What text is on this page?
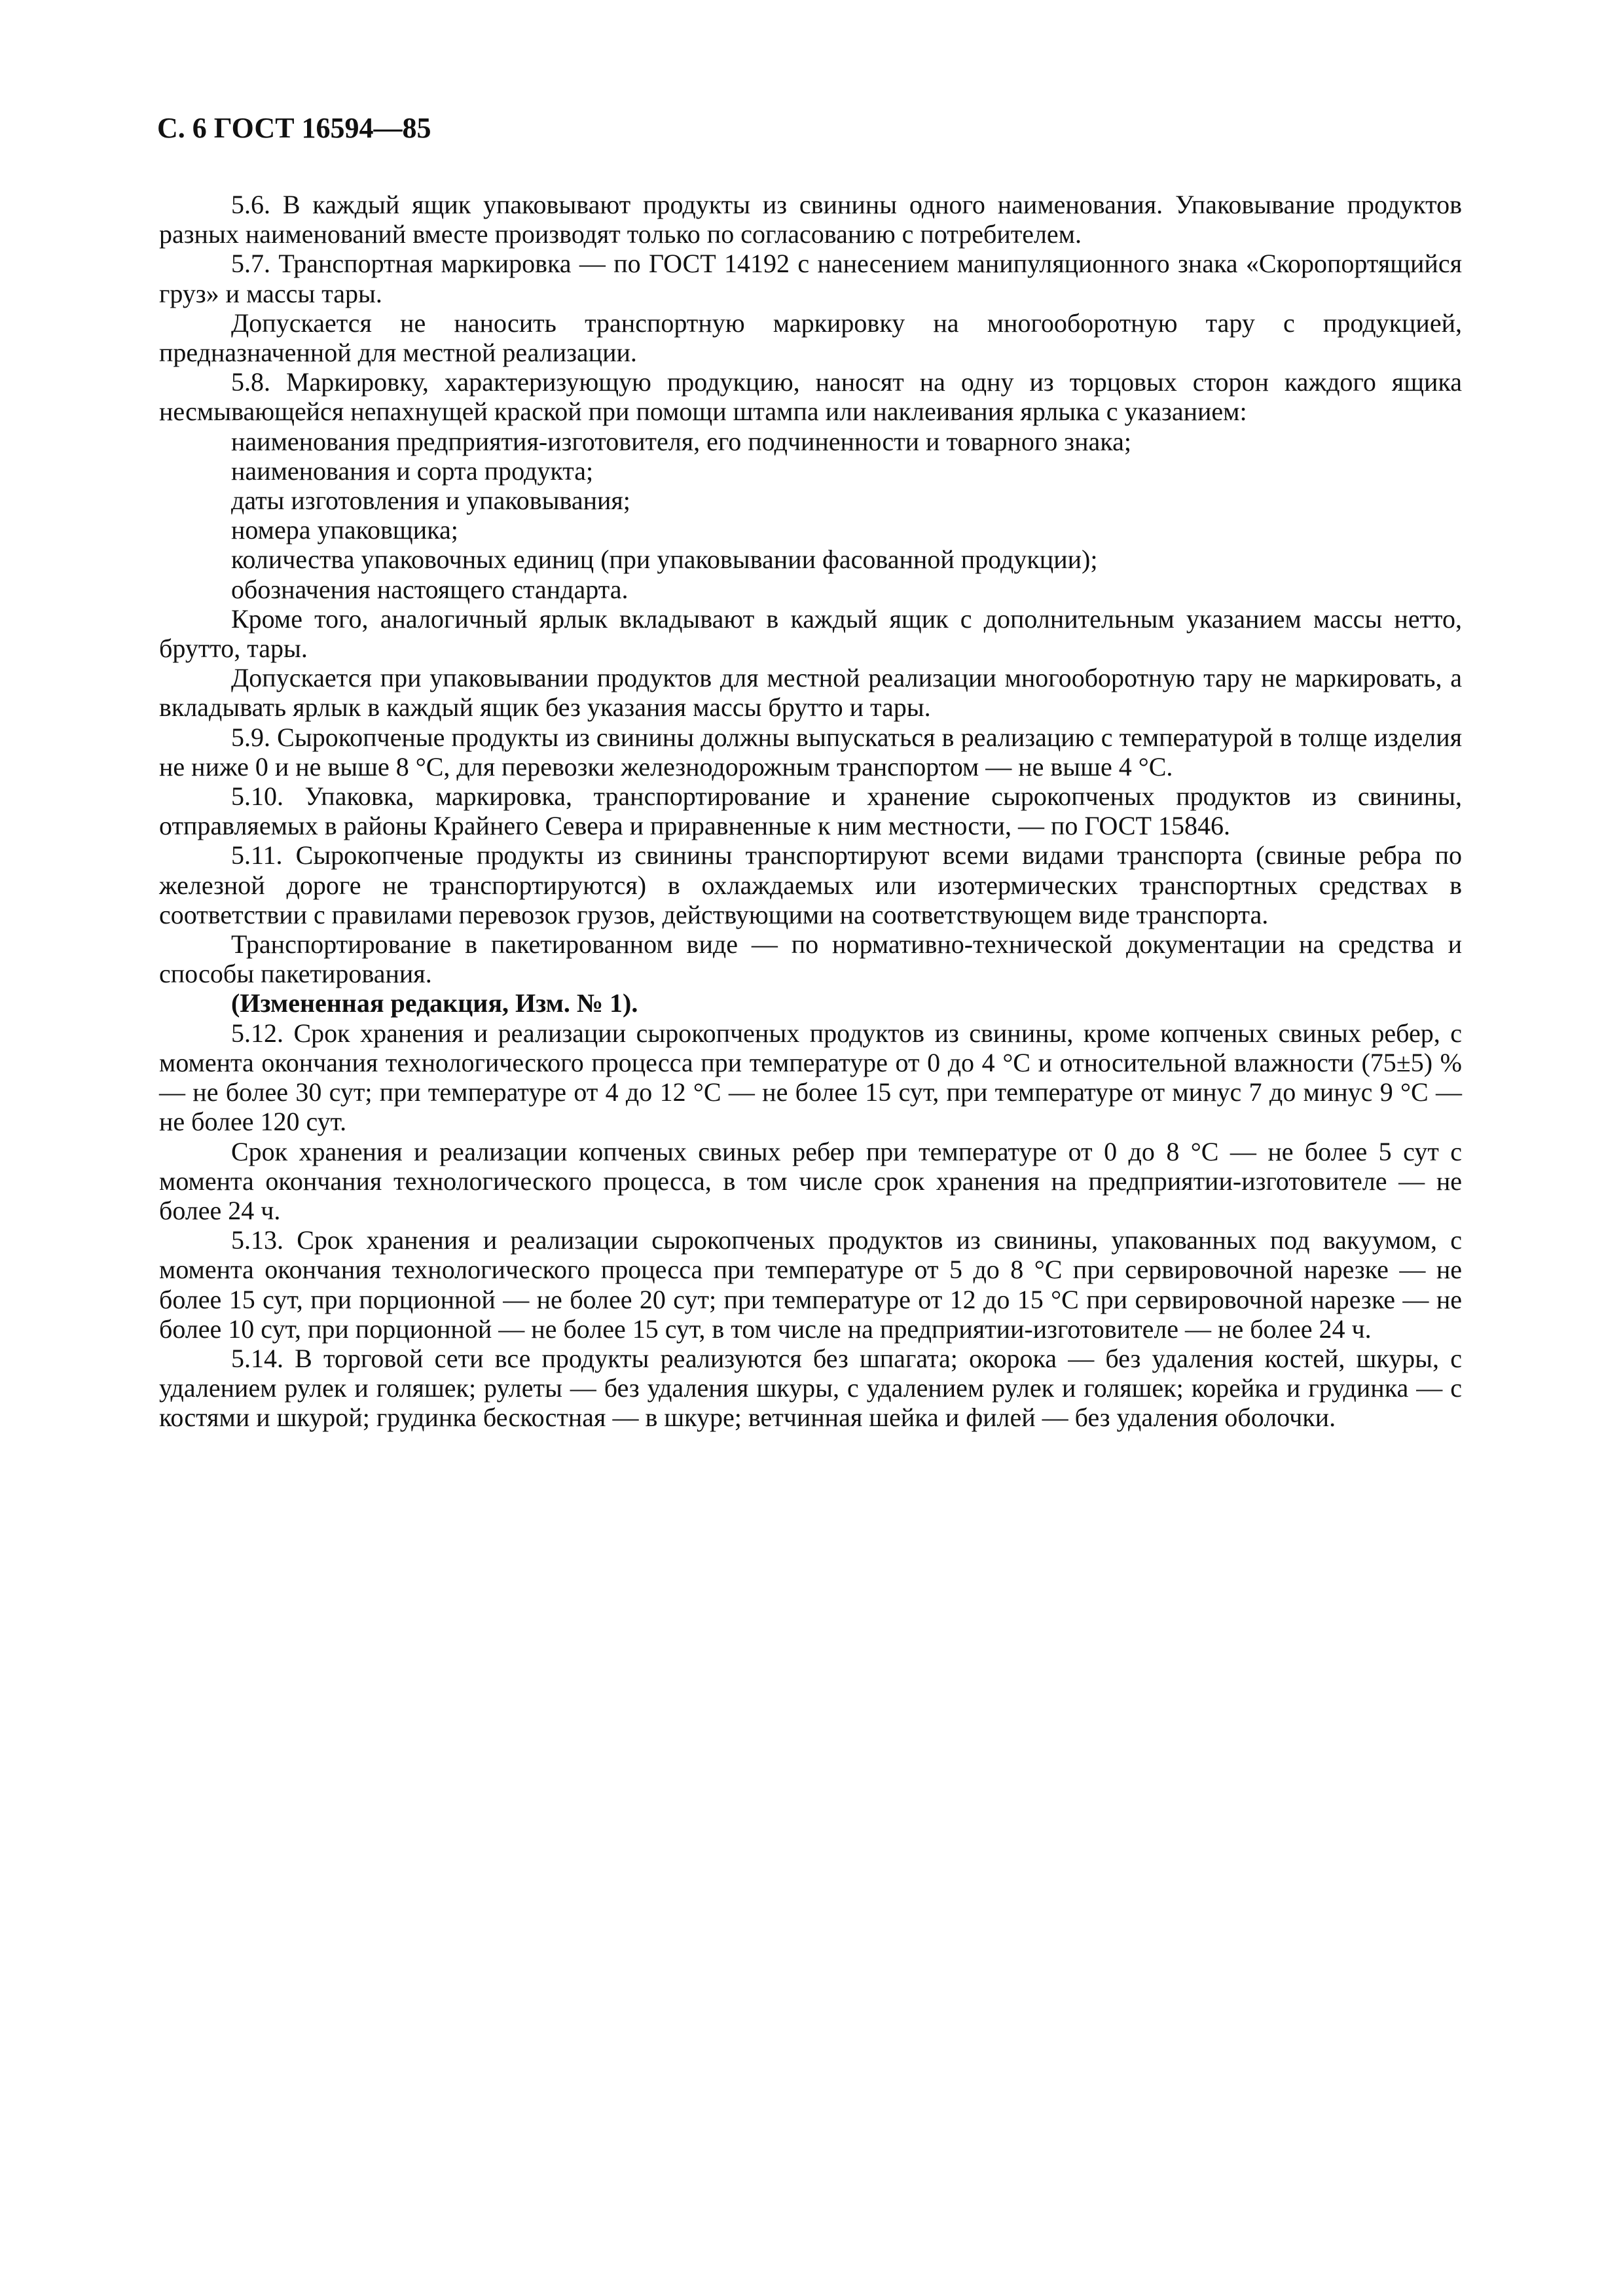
С. 6 ГОСТ 16594—85

5.6. В каждый ящик упаковывают продукты из свинины одного наименования. Упаковывание продуктов разных наименований вместе производят только по согласованию с потребителем.

5.7. Транспортная маркировка — по ГОСТ 14192 с нанесением манипуляционного знака «Скоропортящийся груз» и массы тары.

Допускается не наносить транспортную маркировку на многооборотную тару с продукцией, предназначенной для местной реализации.

5.8. Маркировку, характеризующую продукцию, наносят на одну из торцовых сторон каждого ящика несмывающейся непахнущей краской при помощи штампа или наклеивания ярлыка с указанием:

наименования предприятия-изготовителя, его подчиненности и товарного знака;

наименования и сорта продукта;

даты изготовления и упаковывания;

номера упаковщика;

количества упаковочных единиц (при упаковывании фасованной продукции);

обозначения настоящего стандарта.

Кроме того, аналогичный ярлык вкладывают в каждый ящик с дополнительным указанием массы нетто, брутто, тары.

Допускается при упаковывании продуктов для местной реализации многооборотную тару не маркировать, а вкладывать ярлык в каждый ящик без указания массы брутто и тары.

5.9. Сырокопченые продукты из свинины должны выпускаться в реализацию с температурой в толще изделия не ниже 0 и не выше 8 °С, для перевозки железнодорожным транспортом — не выше 4 °С.

5.10. Упаковка, маркировка, транспортирование и хранение сырокопченых продуктов из свинины, отправляемых в районы Крайнего Севера и приравненные к ним местности, — по ГОСТ 15846.

5.11. Сырокопченые продукты из свинины транспортируют всеми видами транспорта (свиные ребра по железной дороге не транспортируются) в охлаждаемых или изотермических транспортных средствах в соответствии с правилами перевозок грузов, действующими на соответствующем виде транспорта.

Транспортирование в пакетированном виде — по нормативно-технической документации на средства и способы пакетирования.

(Измененная редакция, Изм. № 1).

5.12. Срок хранения и реализации сырокопченых продуктов из свинины, кроме копченых свиных ребер, с момента окончания технологического процесса при температуре от 0 до 4 °С и относительной влажности (75±5) % — не более 30 сут; при температуре от 4 до 12 °С — не более 15 сут, при температуре от минус 7 до минус 9 °С — не более 120 сут.

Срок хранения и реализации копченых свиных ребер при температуре от 0 до 8 °С — не более 5 сут с момента окончания технологического процесса, в том числе срок хранения на предприятии-изготовителе — не более 24 ч.

5.13. Срок хранения и реализации сырокопченых продуктов из свинины, упакованных под вакуумом, с момента окончания технологического процесса при температуре от 5 до 8 °С при сервировочной нарезке — не более 15 сут, при порционной — не более 20 сут; при температуре от 12 до 15 °С при сервировочной нарезке — не более 10 сут, при порционной — не более 15 сут, в том числе на предприятии-изготовителе — не более 24 ч.

5.14. В торговой сети все продукты реализуются без шпагата; окорока — без удаления костей, шкуры, с удалением рулек и голяшек; рулеты — без удаления шкуры, с удалением рулек и голяшек; корейка и грудинка — с костями и шкурой; грудинка бескостная — в шкуре; ветчинная шейка и филей — без удаления оболочки.
